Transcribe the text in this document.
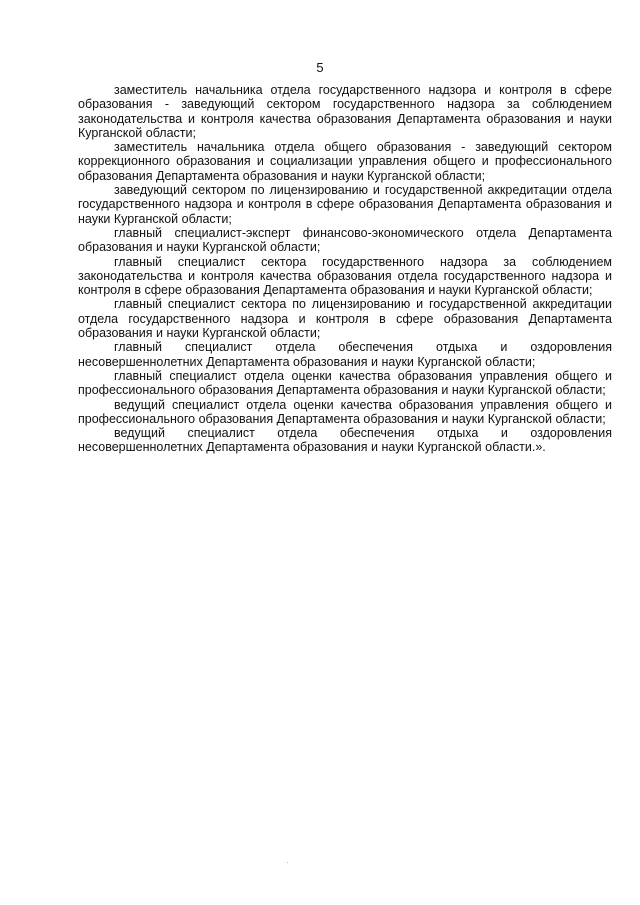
5

заместитель начальника отдела государственного надзора и контроля в сфере образования - заведующий сектором государственного надзора за соблюдением законодательства и контроля качества образования Департамента образования и науки Курганской области;

заместитель начальника отдела общего образования - заведующий сектором коррекционного образования и социализации управления общего и профессионального образования Департамента образования и науки Курганской области;

заведующий сектором по лицензированию и государственной аккредитации отдела государственного надзора и контроля в сфере образования Департамента образования и науки Курганской области;

главный специалист-эксперт финансово-экономического отдела Департамента образования и науки Курганской области;

главный специалист сектора государственного надзора за соблюдением законодательства и контроля качества образования отдела государственного надзора и контроля в сфере образования Департамента образования и науки Курганской области;

главный специалист сектора по лицензированию и государственной аккредитации отдела государственного надзора и контроля в сфере образования Департамента образования и науки Курганской области;

главный специалист отдела обеспечения отдыха и оздоровления несовершеннолетних Департамента образования и науки Курганской области;

главный специалист отдела оценки качества образования управления общего и профессионального образования Департамента образования и науки Курганской области;

ведущий специалист отдела оценки качества образования управления общего и профессионального образования Департамента образования и науки Курганской области;

ведущий специалист отдела обеспечения отдыха и оздоровления несовершеннолетних Департамента образования и науки Курганской области.».

·
